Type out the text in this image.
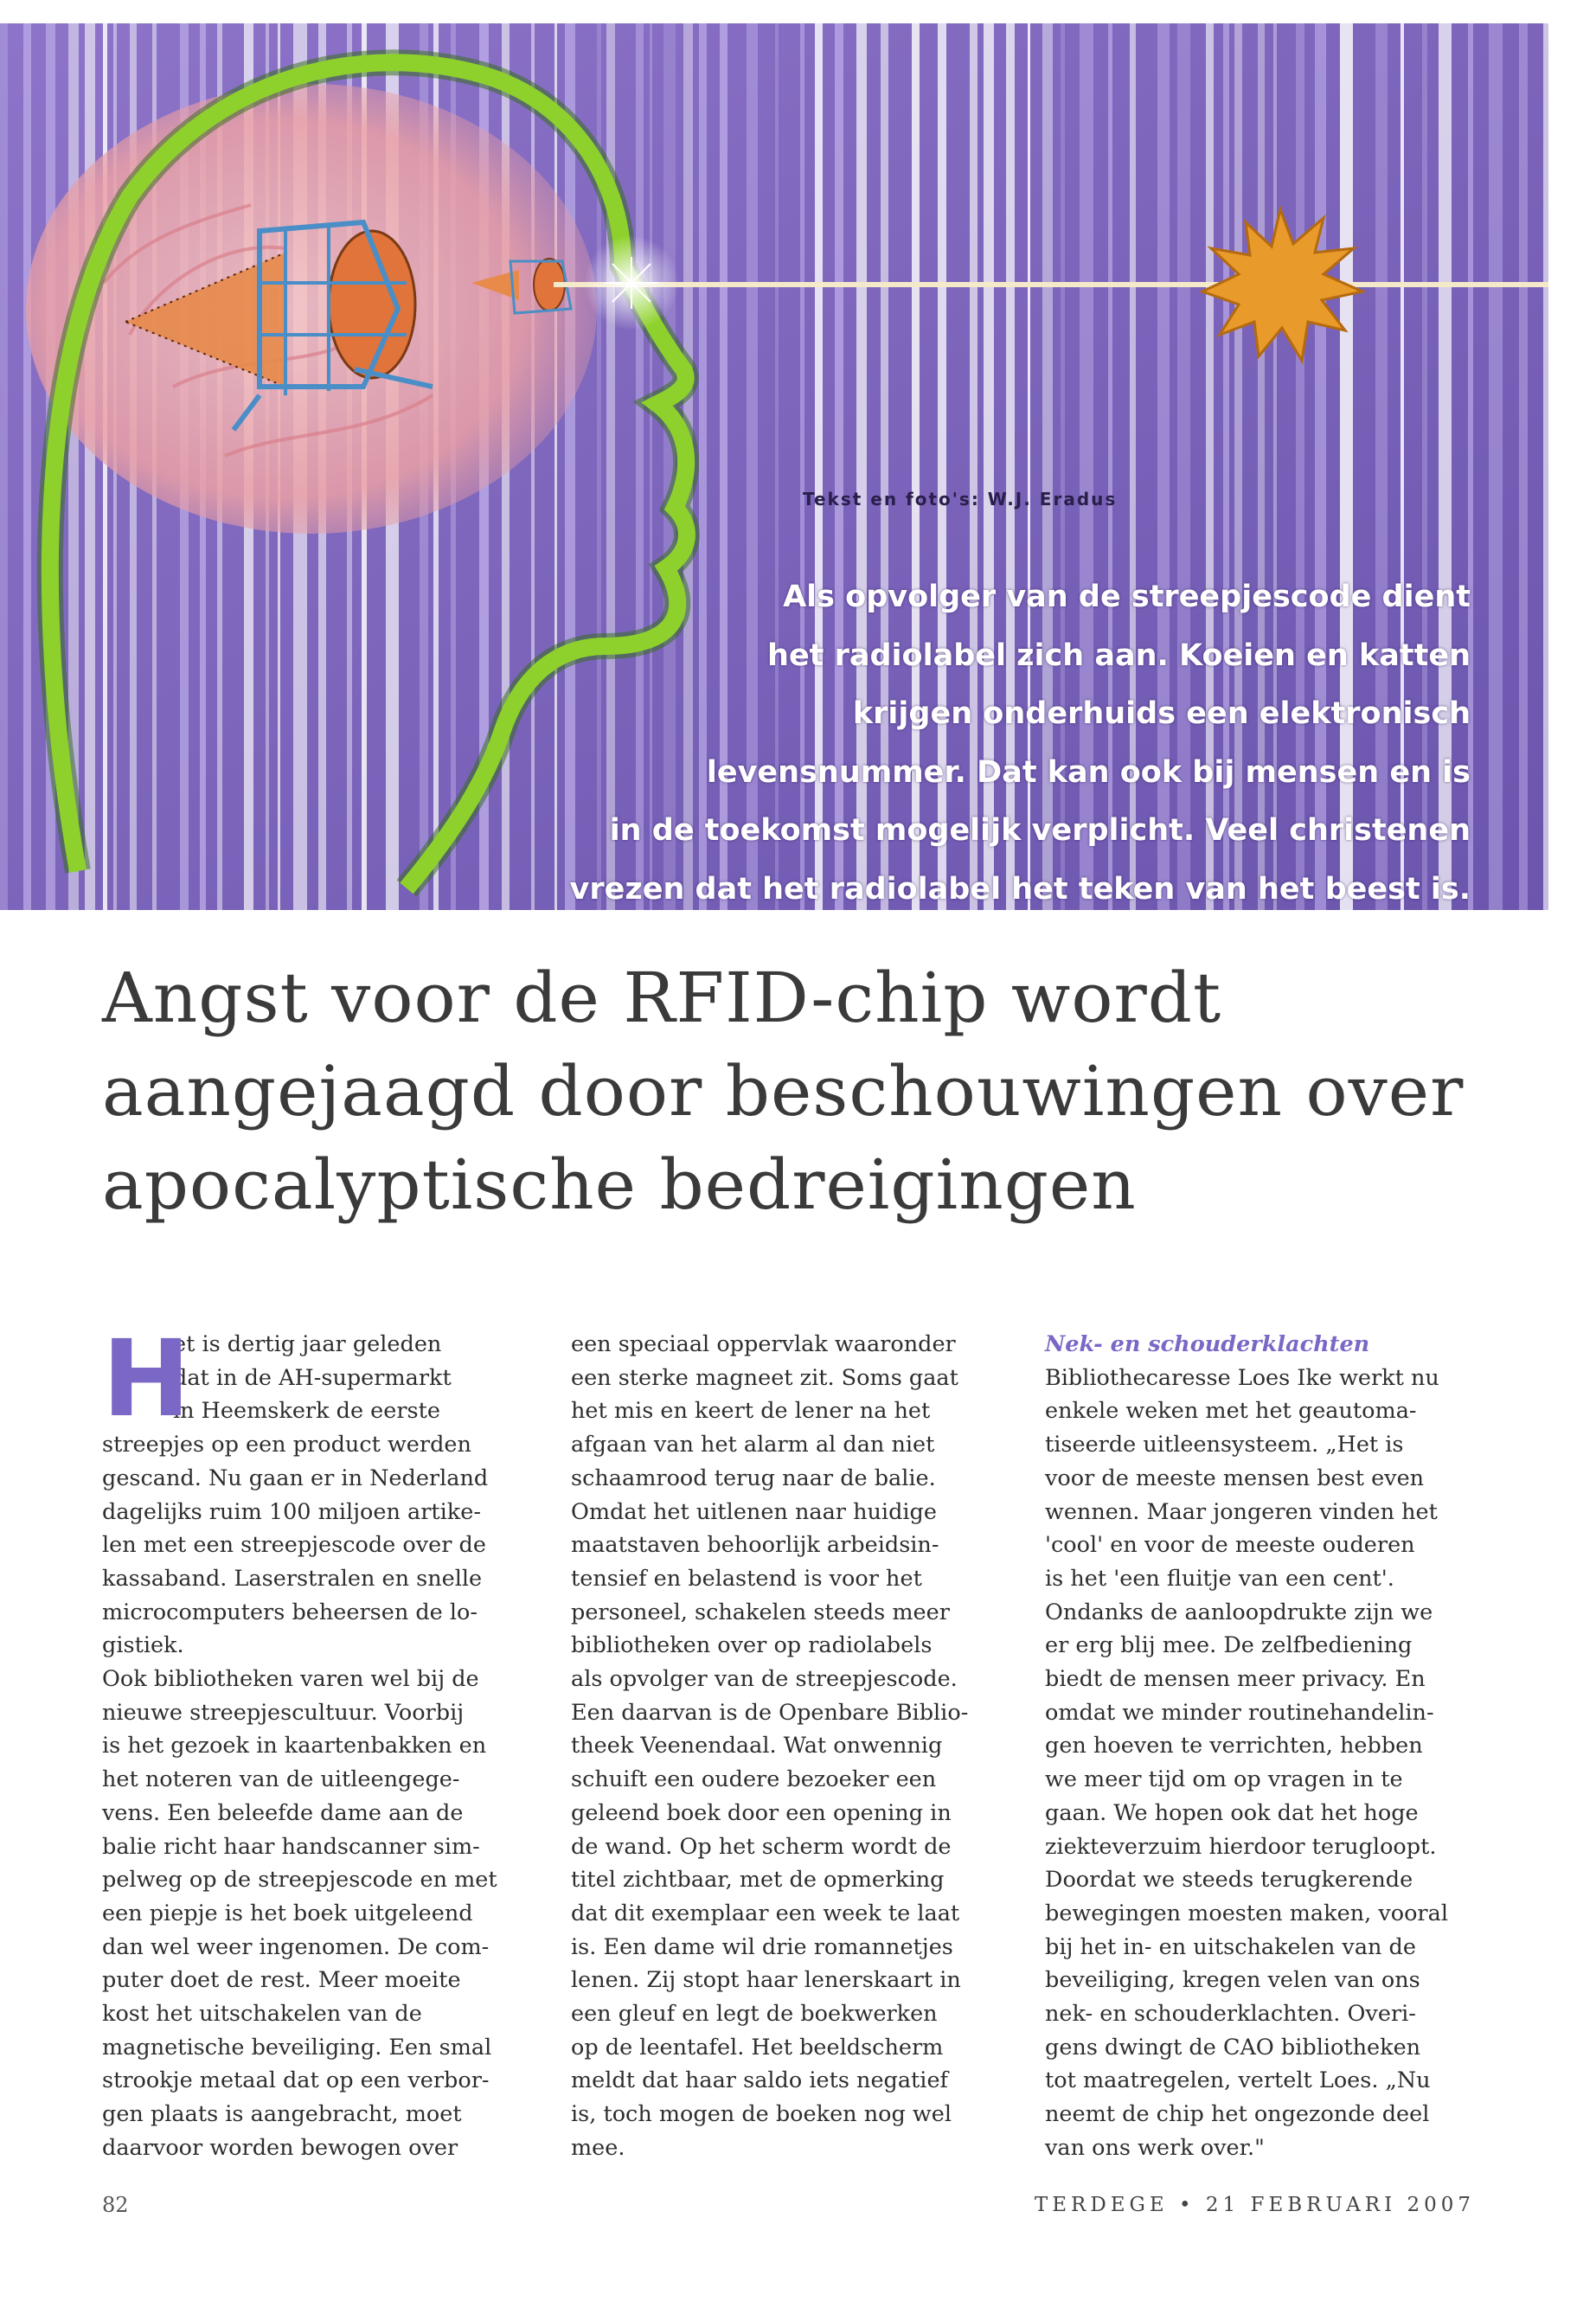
Tekst en foto's: W.J. Eradus
Als opvolger van de streepjescode dient
het radiolabel zich aan. Koeien en katten
krijgen onderhuids een elektronisch
levensnummer. Dat kan ook bij mensen en is
in de toekomst mogelijk verplicht. Veel christenen
vrezen dat het radiolabel het teken van het beest is.
Angst voor de RFID-chip wordt
aangejaagd door beschouwingen over
apocalyptische bedreigingen
H
et is dertig jaar geleden
dat in de AH-supermarkt
in Heemskerk de eerste
streepjes op een product werden
gescand. Nu gaan er in Nederland
dagelijks ruim 100 miljoen artike-
len met een streepjescode over de
kassaband. Laserstralen en snelle
microcomputers beheersen de lo-
gistiek.
Ook bibliotheken varen wel bij de
nieuwe streepjescultuur. Voorbij
is het gezoek in kaartenbakken en
het noteren van de uitleengege-
vens. Een beleefde dame aan de
balie richt haar handscanner sim-
pelweg op de streepjescode en met
een piepje is het boek uitgeleend
dan wel weer ingenomen. De com-
puter doet de rest. Meer moeite
kost het uitschakelen van de
magnetische beveiliging. Een smal
strookje metaal dat op een verbor-
gen plaats is aangebracht, moet
daarvoor worden bewogen over
een speciaal oppervlak waaronder
een sterke magneet zit. Soms gaat
het mis en keert de lener na het
afgaan van het alarm al dan niet
schaamrood terug naar de balie.
Omdat het uitlenen naar huidige
maatstaven behoorlijk arbeidsin-
tensief en belastend is voor het
personeel, schakelen steeds meer
bibliotheken over op radiolabels
als opvolger van de streepjescode.
Een daarvan is de Openbare Biblio-
theek Veenendaal. Wat onwennig
schuift een oudere bezoeker een
geleend boek door een opening in
de wand. Op het scherm wordt de
titel zichtbaar, met de opmerking
dat dit exemplaar een week te laat
is. Een dame wil drie romannetjes
lenen. Zij stopt haar lenerskaart in
een gleuf en legt de boekwerken
op de leentafel. Het beeldscherm
meldt dat haar saldo iets negatief
is, toch mogen de boeken nog wel
mee.
Nek- en schouderklachten
Bibliothecaresse Loes Ike werkt nu
enkele weken met het geautoma-
tiseerde uitleensysteem. „Het is
voor de meeste mensen best even
wennen. Maar jongeren vinden het
'cool' en voor de meeste ouderen
is het 'een fluitje van een cent'.
Ondanks de aanloopdrukte zijn we
er erg blij mee. De zelfbediening
biedt de mensen meer privacy. En
omdat we minder routinehandelin-
gen hoeven te verrichten, hebben
we meer tijd om op vragen in te
gaan. We hopen ook dat het hoge
ziekteverzuim hierdoor terugloopt.
Doordat we steeds terugkerende
bewegingen moesten maken, vooral
bij het in- en uitschakelen van de
beveiliging, kregen velen van ons
nek- en schouderklachten. Overi-
gens dwingt de CAO bibliotheken
tot maatregelen, vertelt Loes. „Nu
neemt de chip het ongezonde deel
van ons werk over."
82	TERDEGE • 21 FEBRUARI 2007
